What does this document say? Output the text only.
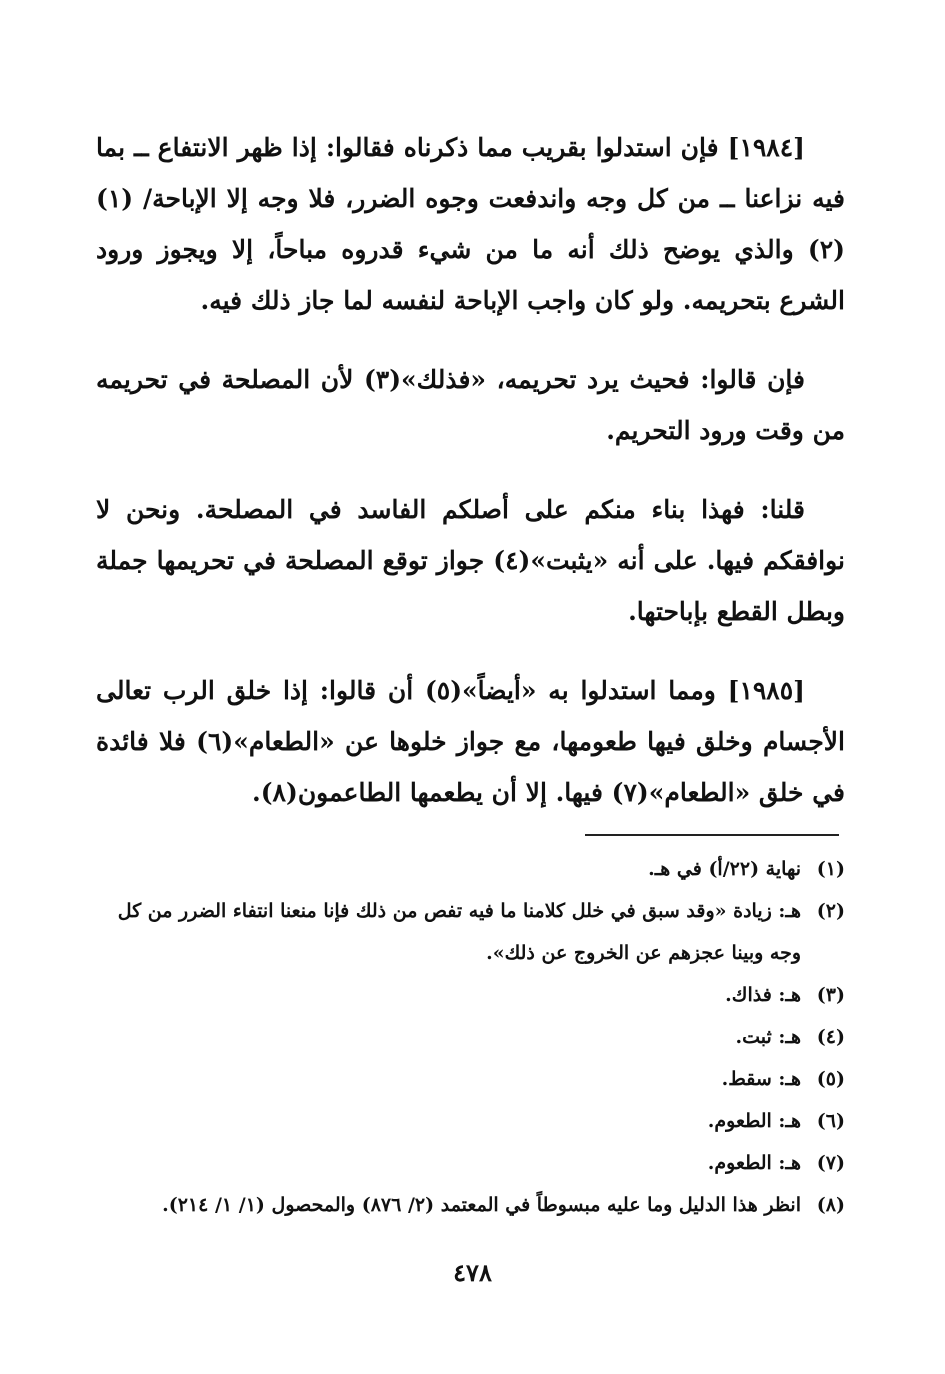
[١٩٨٤] فإن استدلوا بقريب مما ذكرناه فقالوا: إذا ظهر الانتفاع ــ بما فيه نزاعنا ــ من كل وجه واندفعت وجوه الضرر، فلا وجه إلا الإباحة/ (١)(٢) والذي يوضح ذلك أنه ما من شيء قدروه مباحاً، إلا ويجوز ورود الشرع بتحريمه. ولو كان واجب الإباحة لنفسه لما جاز ذلك فيه.

فإن قالوا: فحيث يرد تحريمه، «فذلك»(٣) لأن المصلحة في تحريمه من وقت ورود التحريم.

قلنا: فهذا بناء منكم على أصلكم الفاسد في المصلحة. ونحن لا نوافقكم فيها. على أنه «يثبت»(٤) جواز توقع المصلحة في تحريمها جملة وبطل القطع بإباحتها.

[١٩٨٥] ومما استدلوا به «أيضاً»(٥) أن قالوا: إذا خلق الرب تعالى الأجسام وخلق فيها طعومها، مع جواز خلوها عن «الطعام»(٦) فلا فائدة في خلق «الطعام»(٧) فيها. إلا أن يطعمها الطاعمون(٨).

(١)
نهاية (٢٢/أ) في هـ.
(٢)
هـ: زيادة «وقد سبق في خلل كلامنا ما فيه تفص من ذلك فإنا منعنا انتفاء الضرر من كل وجه وبينا عجزهم عن الخروج عن ذلك».
(٣)
هـ: فذاك.
(٤)
هـ: ثبت.
(٥)
هـ: سقط.
(٦)
هـ: الطعوم.
(٧)
هـ: الطعوم.
(٨)
انظر هذا الدليل وما عليه مبسوطاً في المعتمد (٢/ ٨٧٦) والمحصول (١/ ١/ ٢١٤).
٤٧٨
